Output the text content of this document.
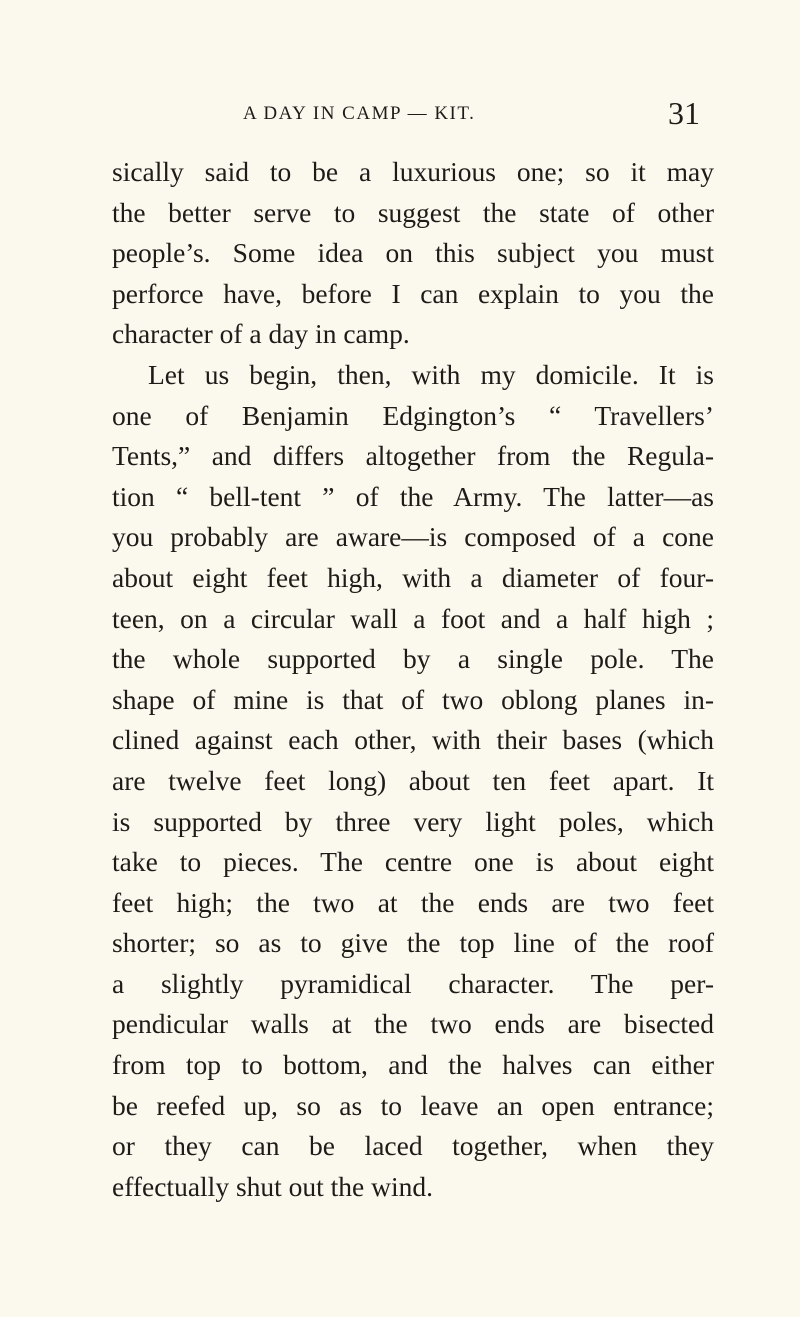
A DAY IN CAMP — KIT.	31
sically said to be a luxurious one; so it may
the better serve to suggest the state of other
people’s. Some idea on this subject you must
perforce have, before I can explain to you the
character of a day in camp.
Let us begin, then, with my domicile. It is
one of Benjamin Edgington’s “ Travellers’
Tents,” and differs altogether from the Regula-
tion “ bell-tent ” of the Army. The latter—as
you probably are aware—is composed of a cone
about eight feet high, with a diameter of four-
teen, on a circular wall a foot and a half high ;
the whole supported by a single pole. The
shape of mine is that of two oblong planes in-
clined against each other, with their bases (which
are twelve feet long) about ten feet apart. It
is supported by three very light poles, which
take to pieces. The centre one is about eight
feet high; the two at the ends are two feet
shorter; so as to give the top line of the roof
a slightly pyramidical character. The per-
pendicular walls at the two ends are bisected
from top to bottom, and the halves can either
be reefed up, so as to leave an open entrance;
or they can be laced together, when they
effectually shut out the wind.
